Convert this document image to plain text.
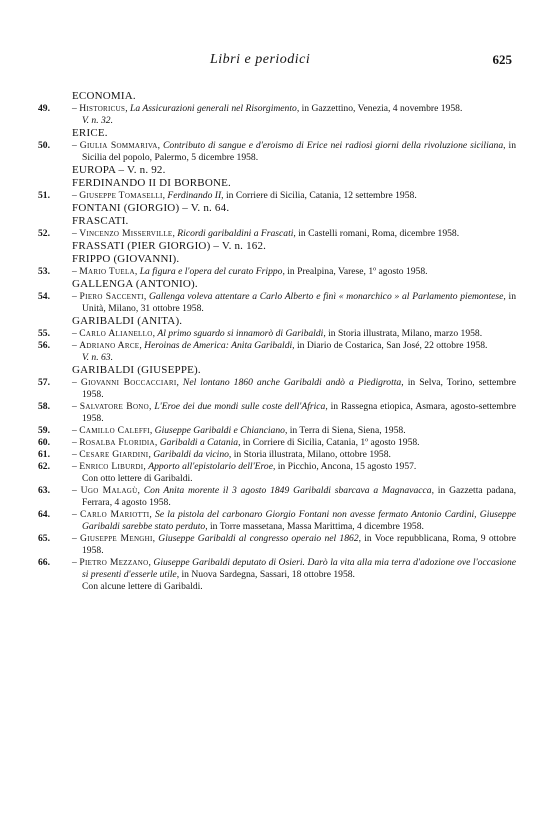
Libri e periodici	625
ECONOMIA.
49.	– Historicus, La Assicurazioni generali nel Risorgimento, in Gazzettino, Venezia, 4 novembre 1958.
V. n. 32.
ERICE.
50.	– Giulia Sommariva, Contributo di sangue e d'eroismo di Erice nei radiosi giorni della rivoluzione siciliana, in Sicilia del popolo, Palermo, 5 dicembre 1958.
EUROPA – V. n. 92.
FERDINANDO II DI BORBONE.
51.	– Giuseppe Tomaselli, Ferdinando II, in Corriere di Sicilia, Catania, 12 settembre 1958.
FONTANI (GIORGIO) – V. n. 64.
FRASCATI.
52.	– Vincenzo Misserville, Ricordi garibaldini a Frascati, in Castelli romani, Roma, dicembre 1958.
FRASSATI (PIER GIORGIO) – V. n. 162.
FRIPPO (GIOVANNI).
53.	– Mario Tuela, La figura e l'opera del curato Frippo, in Prealpina, Varese, 1º agosto 1958.
GALLENGA (ANTONIO).
54.	– Piero Saccenti, Gallenga voleva attentare a Carlo Alberto e finì « monarchico » al Parlamento piemontese, in Unità, Milano, 31 ottobre 1958.
GARIBALDI (ANITA).
55.	– Carlo Alianello, Al primo sguardo si innamorò di Garibaldi, in Storia illustrata, Milano, marzo 1958.
56.	– Adriano Arce, Heroinas de America: Anita Garibaldi, in Diario de Costarica, San José, 22 ottobre 1958.
V. n. 63.
GARIBALDI (GIUSEPPE).
57.	– Giovanni Boccacciari, Nel lontano 1860 anche Garibaldi andò a Piedigrotta, in Selva, Torino, settembre 1958.
58.	– Salvatore Bono, L'Eroe dei due mondi sulle coste dell'Africa, in Rassegna etiopica, Asmara, agosto-settembre 1958.
59.	– Camillo Caleffi, Giuseppe Garibaldi e Chianciano, in Terra di Siena, Siena, 1958.
60.	– Rosalba Floridia, Garibaldi a Catania, in Corriere di Sicilia, Catania, 1º agosto 1958.
61.	– Cesare Giardini, Garibaldi da vicino, in Storia illustrata, Milano, ottobre 1958.
62.	– Enrico Liburdi, Apporto all'epistolario dell'Eroe, in Picchio, Ancona, 15 agosto 1957.
Con otto lettere di Garibaldi.
63.	– Ugo Malagù, Con Anita morente il 3 agosto 1849 Garibaldi sbarcava a Magnavacca, in Gazzetta padana, Ferrara, 4 agosto 1958.
64.	– Carlo Mariotti, Se la pistola del carbonaro Giorgio Fontani non avesse fermato Antonio Cardini, Giuseppe Garibaldi sarebbe stato perduto, in Torre massetana, Massa Marittima, 4 dicembre 1958.
65.	– Giuseppe Menghi, Giuseppe Garibaldi al congresso operaio nel 1862, in Voce repubblicana, Roma, 9 ottobre 1958.
66.	– Pietro Mezzano, Giuseppe Garibaldi deputato di Osieri. Darò la vita alla mia terra d'adozione ove l'occasione si presenti d'esserle utile, in Nuova Sardegna, Sassari, 18 ottobre 1958.
Con alcune lettere di Garibaldi.
